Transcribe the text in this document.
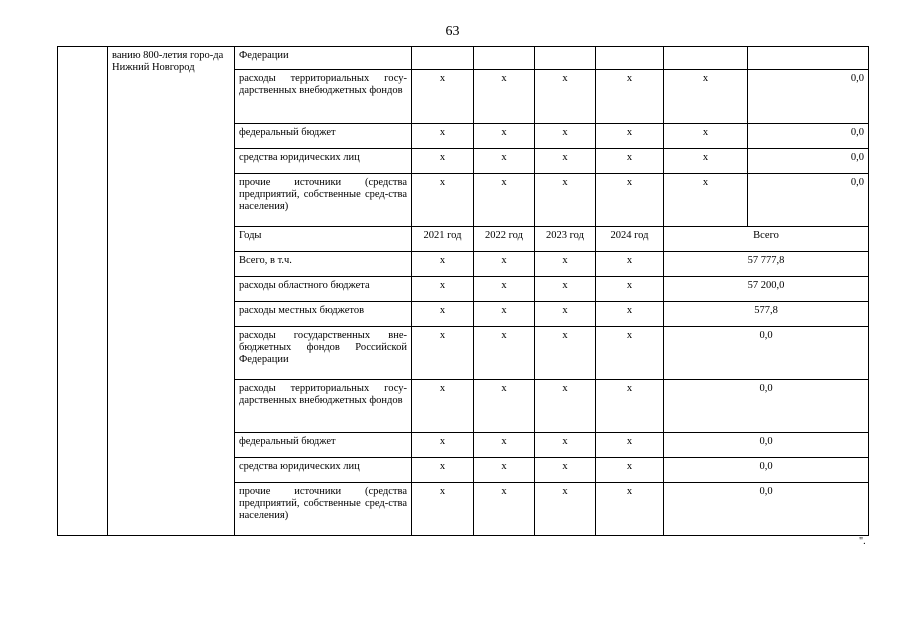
63
	ванию 800-летия горо-да Нижний Новгород	Федерации						
		расходы территориальных госу-дарственных внебюджетных фондов	х	х	х	х	х	0,0
		федеральный бюджет	х	х	х	х	х	0,0
		средства юридических лиц	х	х	х	х	х	0,0
		прочие источники (средства предприятий, собственные сред-ства населения)	х	х	х	х	х	0,0
		Годы	2021 год	2022 год	2023 год	2024 год	Всего	
		Всего, в т.ч.	х	х	х	х	57 777,8	
		расходы областного бюджета	х	х	х	х	57 200,0	
		расходы местных бюджетов	х	х	х	х	577,8	
		расходы государственных вне-бюджетных фондов Российской Федерации	х	х	х	х	0,0	
		расходы территориальных госу-дарственных внебюджетных фондов	х	х	х	х	0,0	
		федеральный бюджет	х	х	х	х	0,0	
		средства юридических лиц	х	х	х	х	0,0	
		прочие источники (средства предприятий, собственные сред-ства населения)	х	х	х	х	0,0	
".
